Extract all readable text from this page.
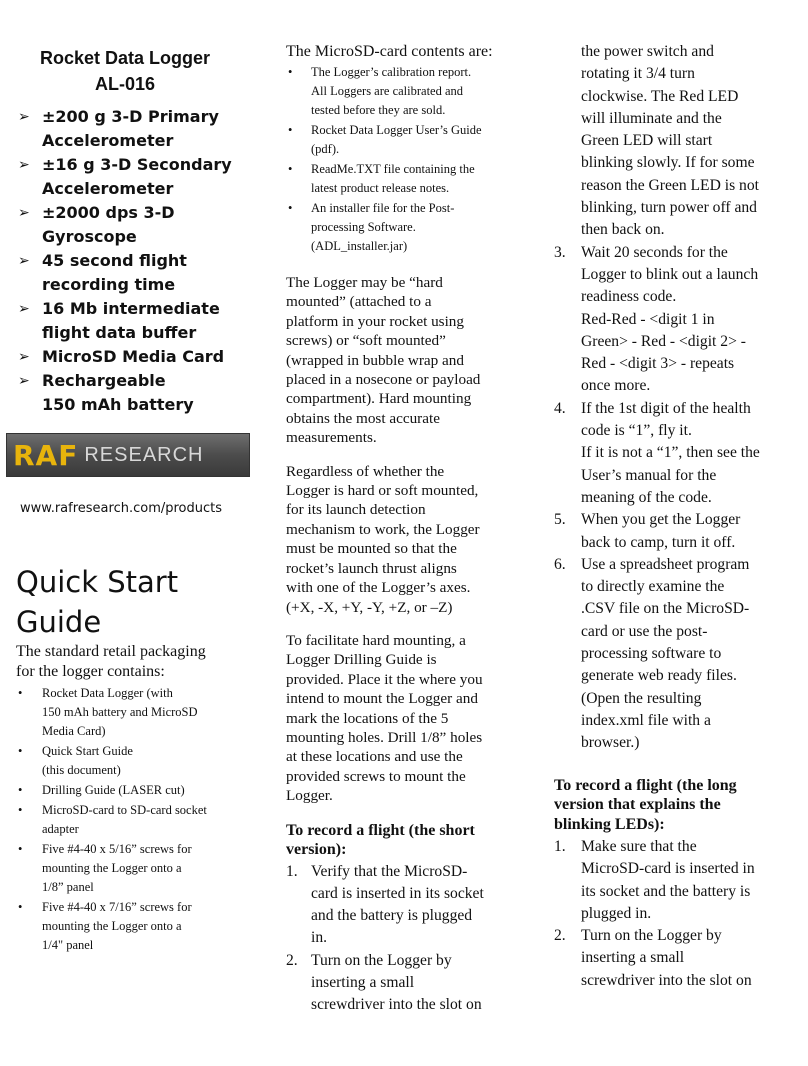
Rocket Data Logger
AL-016
➢ ±200 g 3-D Primary
Accelerometer
➢ ±16 g 3-D Secondary
Accelerometer
➢ ±2000 dps 3-D
Gyroscope
➢ 45 second flight
recording time
➢ 16 Mb intermediate
flight data buffer
➢ MicroSD Media Card
➢ Rechargeable
150 mAh battery
RAF RESEARCH
www.rafresearch.com/products
Quick Start
Guide

The standard retail packaging
for the logger contains:

• Rocket Data Logger (with
150 mAh battery and MicroSD
Media Card)
• Quick Start Guide
(this document)
• Drilling Guide (LASER cut)
• MicroSD-card to SD-card socket
adapter
• Five #4-40 x 5/16” screws for
mounting the Logger onto a
1/8” panel
• Five #4-40 x 7/16” screws for
mounting the Logger onto a
1/4" panel

The MicroSD-card contents are:

• The Logger’s calibration report.
All Loggers are calibrated and
tested before they are sold.
• Rocket Data Logger User’s Guide
(pdf).
• ReadMe.TXT file containing the
latest product release notes.
• An installer file for the Post-
processing Software.
(ADL_installer.jar)

The Logger may be “hard
mounted” (attached to a
platform in your rocket using
screws) or “soft mounted”
(wrapped in bubble wrap and
placed in a nosecone or payload
compartment). Hard mounting
obtains the most accurate
measurements.

Regardless of whether the
Logger is hard or soft mounted,
for its launch detection
mechanism to work, the Logger
must be mounted so that the
rocket’s launch thrust aligns
with one of the Logger’s axes.
(+X, -X, +Y, -Y, +Z, or –Z)

To facilitate hard mounting, a
Logger Drilling Guide is
provided. Place it the where you
intend to mount the Logger and
mark the locations of the 5
mounting holes. Drill 1/8” holes
at these locations and use the
provided screws to mount the
Logger.

To record a flight (the short
version):

1. Verify that the MicroSD-
card is inserted in its socket
and the battery is plugged
in.
2. Turn on the Logger by
inserting a small
screwdriver into the slot on
the power switch and
rotating it 3/4 turn
clockwise. The Red LED
will illuminate and the
Green LED will start
blinking slowly. If for some
reason the Green LED is not
blinking, turn power off and
then back on.
3. Wait 20 seconds for the
Logger to blink out a launch
readiness code.
Red-Red - <digit 1 in
Green> - Red - <digit 2> -
Red - <digit 3> - repeats
once more.
4. If the 1st digit of the health
code is “1”, fly it.
If it is not a “1”, then see the
User’s manual for the
meaning of the code.
5. When you get the Logger
back to camp, turn it off.
6. Use a spreadsheet program
to directly examine the
.CSV file on the MicroSD-
card or use the post-
processing software to
generate web ready files.
(Open the resulting
index.xml file with a
browser.)

To record a flight (the long
version that explains the
blinking LEDs):

1. Make sure that the
MicroSD-card is inserted in
its socket and the battery is
plugged in.
2. Turn on the Logger by
inserting a small
screwdriver into the slot on
